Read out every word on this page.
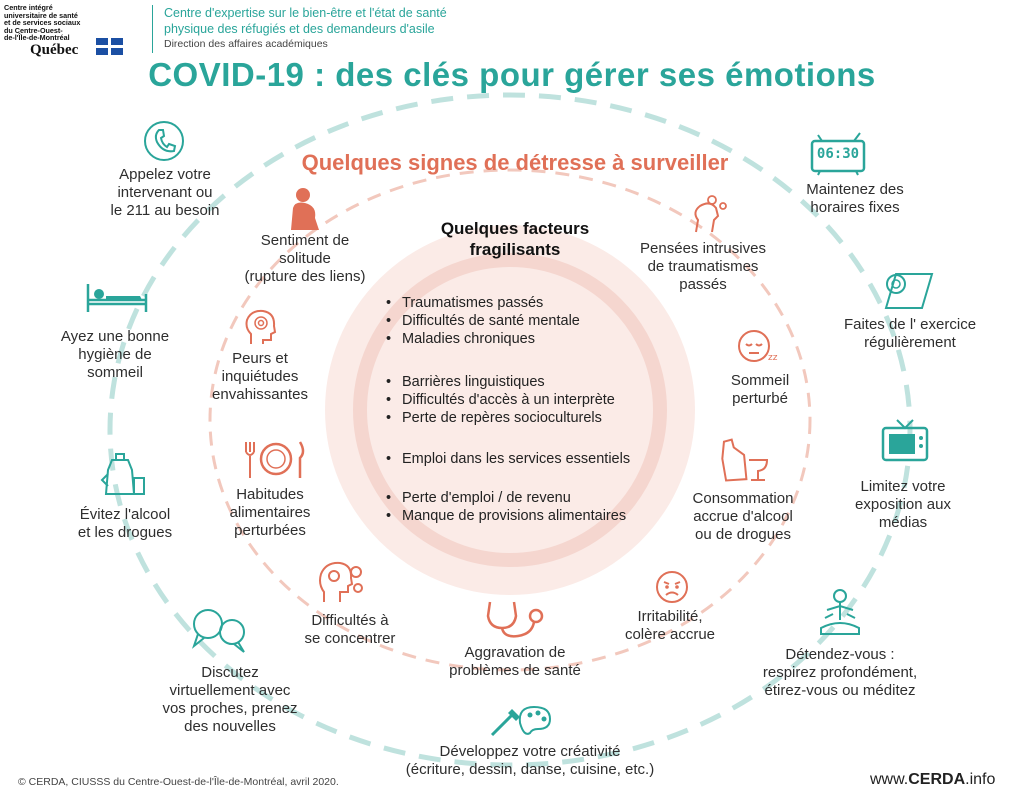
Centre intégré
universitaire de santé
et de services sociaux
du Centre-Ouest-
de-l'Île-de-Montréal
Québec
Centre d'expertise sur le bien-être et l'état de santé
physique des réfugiés et des demandeurs d'asile
Direction des affaires académiques
COVID-19 : des clés pour gérer ses émotions
Quelques signes de détresse à surveiller
Quelques facteurs
fragilisants
• Traumatismes passés
• Difficultés de santé mentale
• Maladies chroniques
• Barrières linguistiques
• Difficultés d'accès à un interprète
• Perte de repères socioculturels
• Emploi dans les services essentiels
• Perte d'emploi / de revenu
• Manque de provisions alimentaires
Sentiment de
solitude
(rupture des liens)
Peurs et
inquiétudes
envahissantes
Habitudes
alimentaires
perturbées
Difficultés à
se concentrer
Aggravation de
problèmes de santé
Irritabilité,
colère accrue
Consommation
accrue d'alcool
ou de drogues
zz
Sommeil
perturbé
Pensées intrusives
de traumatismes
passés
Appelez votre
intervenant ou
le 211 au besoin
Ayez une bonne
hygiène de
sommeil
Évitez l'alcool
et les drogues
Discutez
virtuellement avec
vos proches, prenez
des nouvelles
Développez votre créativité
(écriture, dessin, danse, cuisine, etc.)
Détendez-vous :
respirez profondément,
étirez-vous ou méditez
Limitez votre
exposition aux
médias
Faites de l' exercice
régulièrement
06:30
Maintenez des
horaires fixes
© CERDA, CIUSSS du Centre-Ouest-de-l'Île-de-Montréal, avril 2020.	www.CERDA.info
